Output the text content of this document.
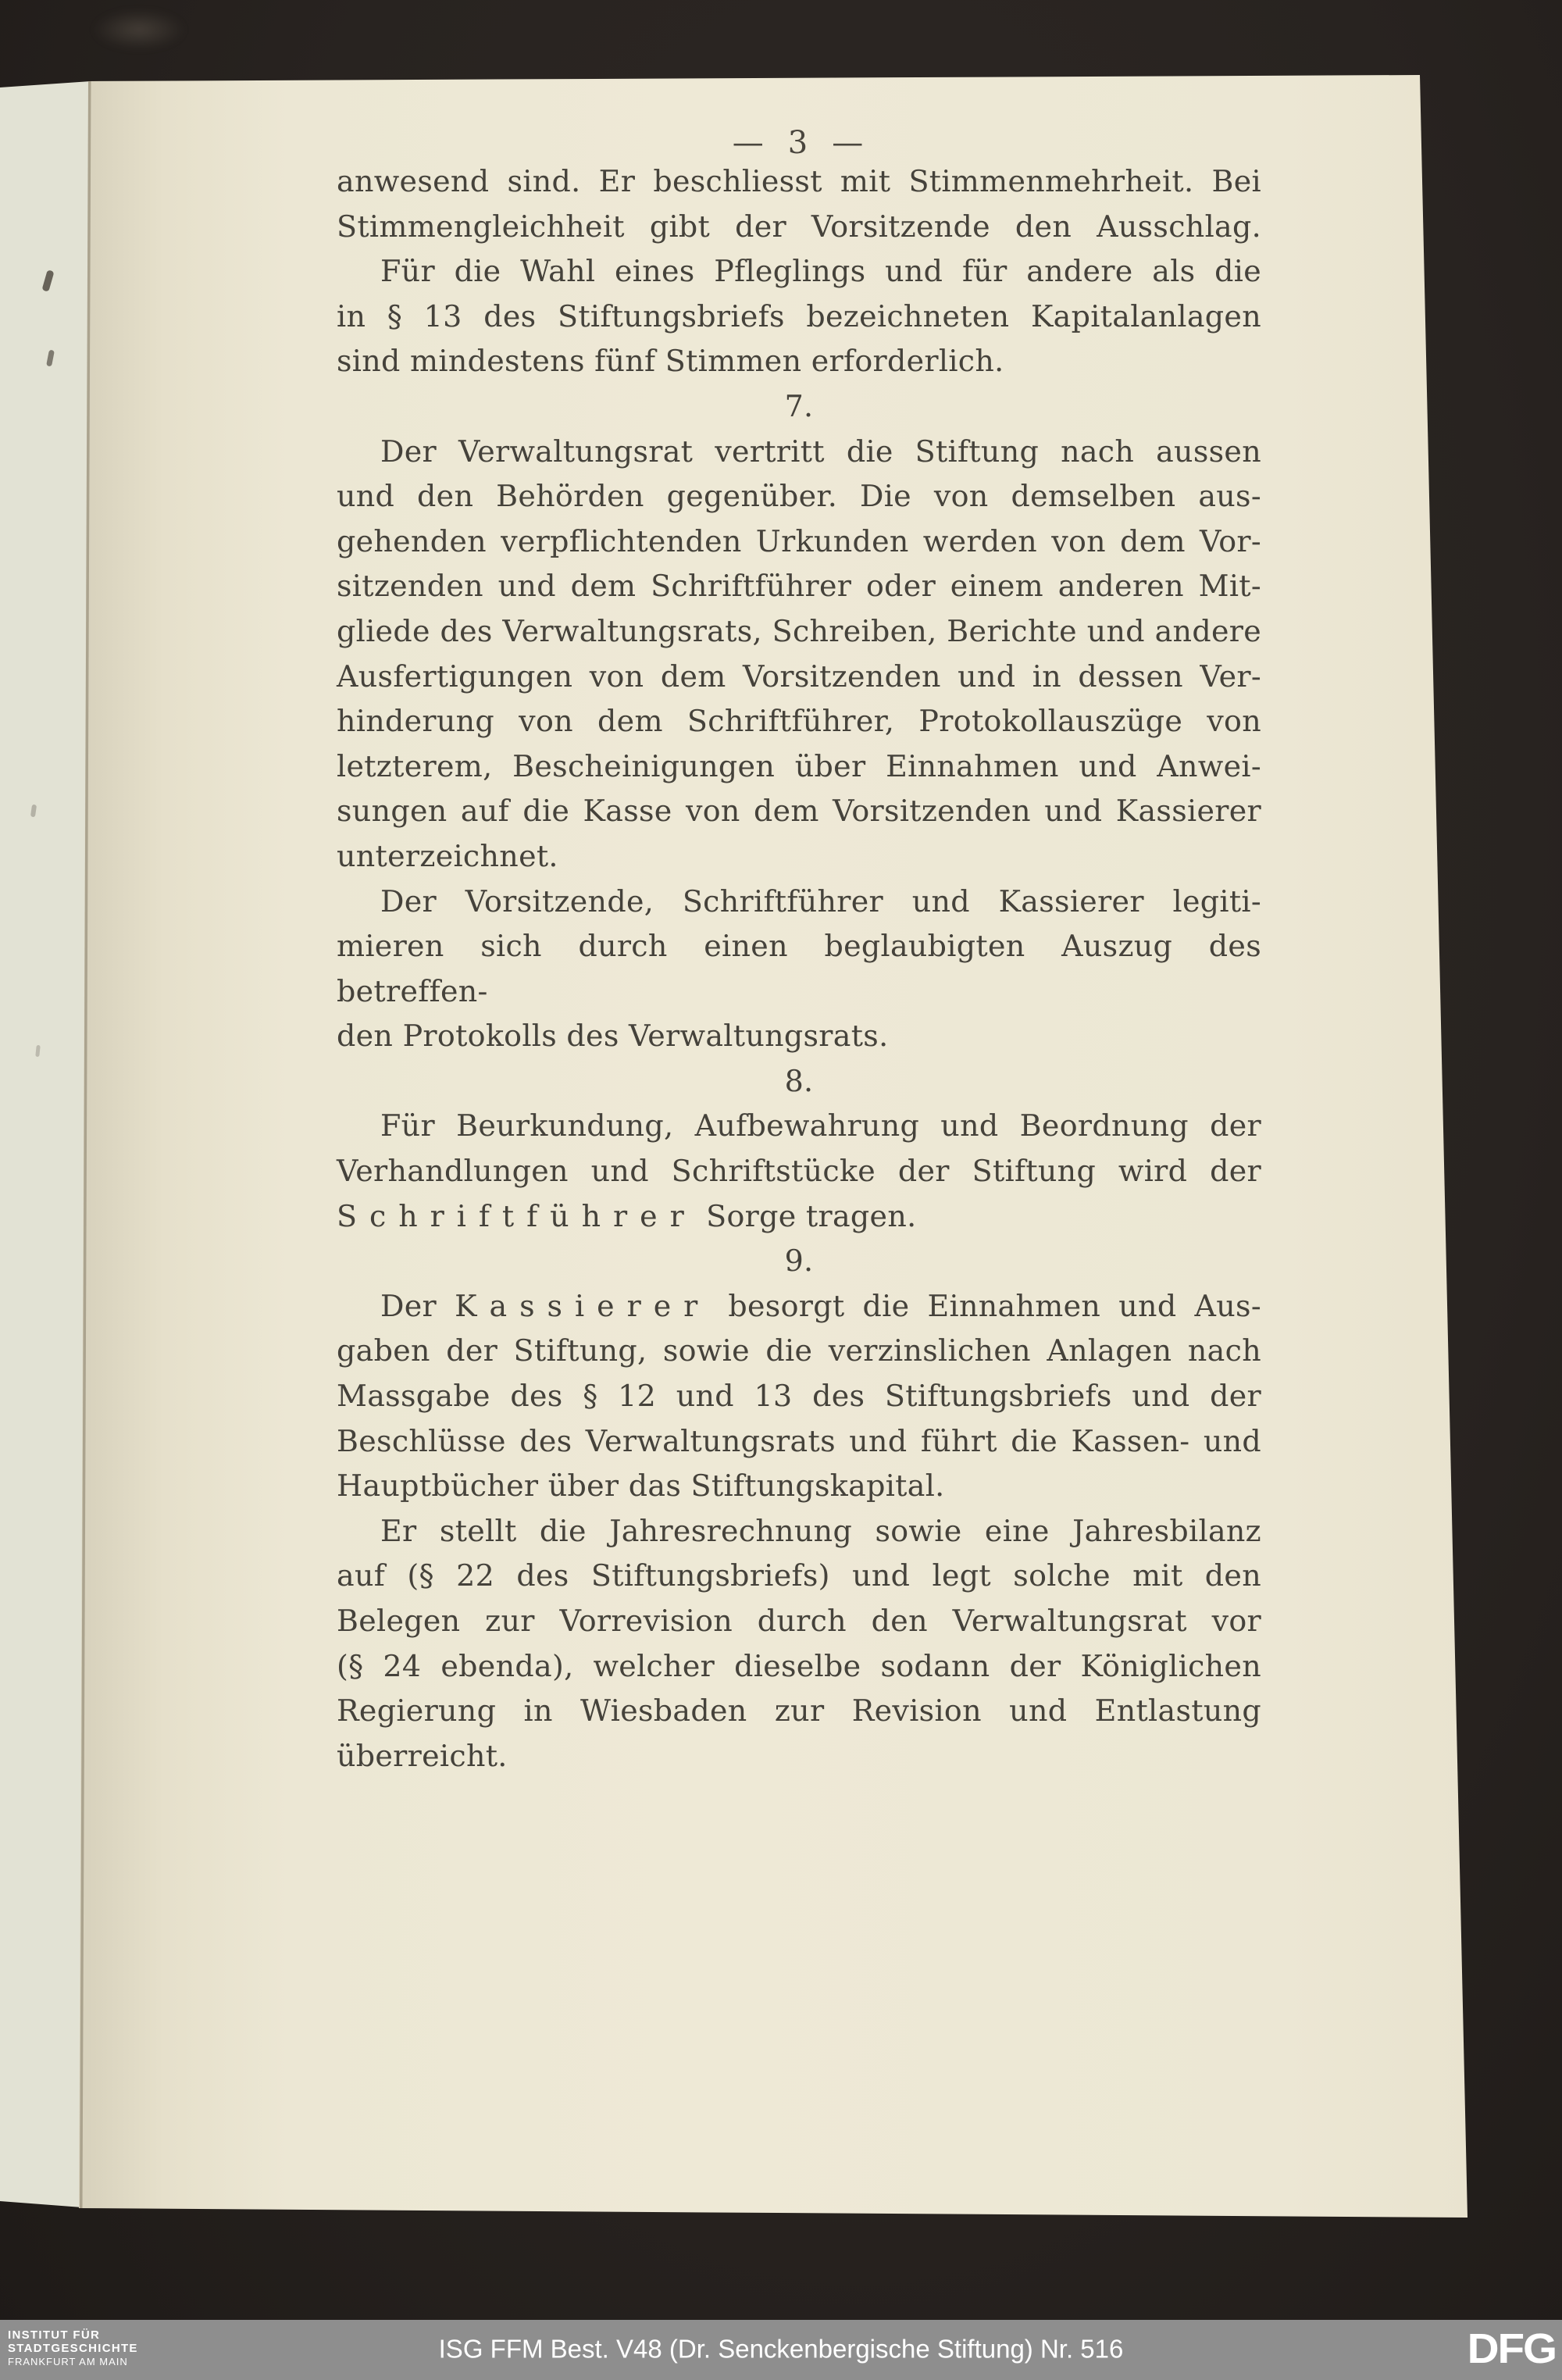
— 3 —
anwesend sind. Er beschliesst mit Stimmenmehrheit. Bei
Stimmengleichheit gibt der Vorsitzende den Ausschlag.
Für die Wahl eines Pfleglings und für andere als die
in § 13 des Stiftungsbriefs bezeichneten Kapitalanlagen
sind mindestens fünf Stimmen erforderlich.
7.
Der Verwaltungsrat vertritt die Stiftung nach aussen
und den Behörden gegenüber. Die von demselben aus-
gehenden verpflichtenden Urkunden werden von dem Vor-
sitzenden und dem Schriftführer oder einem anderen Mit-
gliede des Verwaltungsrats, Schreiben, Berichte und andere
Ausfertigungen von dem Vorsitzenden und in dessen Ver-
hinderung von dem Schriftführer, Protokollauszüge von
letzterem, Bescheinigungen über Einnahmen und Anwei-
sungen auf die Kasse von dem Vorsitzenden und Kassierer
unterzeichnet.
Der Vorsitzende, Schriftführer und Kassierer legiti-
mieren sich durch einen beglaubigten Auszug des betreffen-
den Protokolls des Verwaltungsrats.
8.
Für Beurkundung, Aufbewahrung und Beordnung der
Verhandlungen und Schriftstücke der Stiftung wird der
Schriftführer Sorge tragen.
9.
Der Kassierer besorgt die Einnahmen und Aus-
gaben der Stiftung, sowie die verzinslichen Anlagen nach
Massgabe des § 12 und 13 des Stiftungsbriefs und der
Beschlüsse des Verwaltungsrats und führt die Kassen- und
Hauptbücher über das Stiftungskapital.
Er stellt die Jahresrechnung sowie eine Jahresbilanz
auf (§ 22 des Stiftungsbriefs) und legt solche mit den
Belegen zur Vorrevision durch den Verwaltungsrat vor
(§ 24 ebenda), welcher dieselbe sodann der Königlichen
Regierung in Wiesbaden zur Revision und Entlastung
überreicht.
INSTITUT FÜR
STADTGESCHICHTE
FRANKFURT AM MAIN	ISG FFM Best. V48 (Dr. Senckenbergische Stiftung) Nr. 516	DFG
